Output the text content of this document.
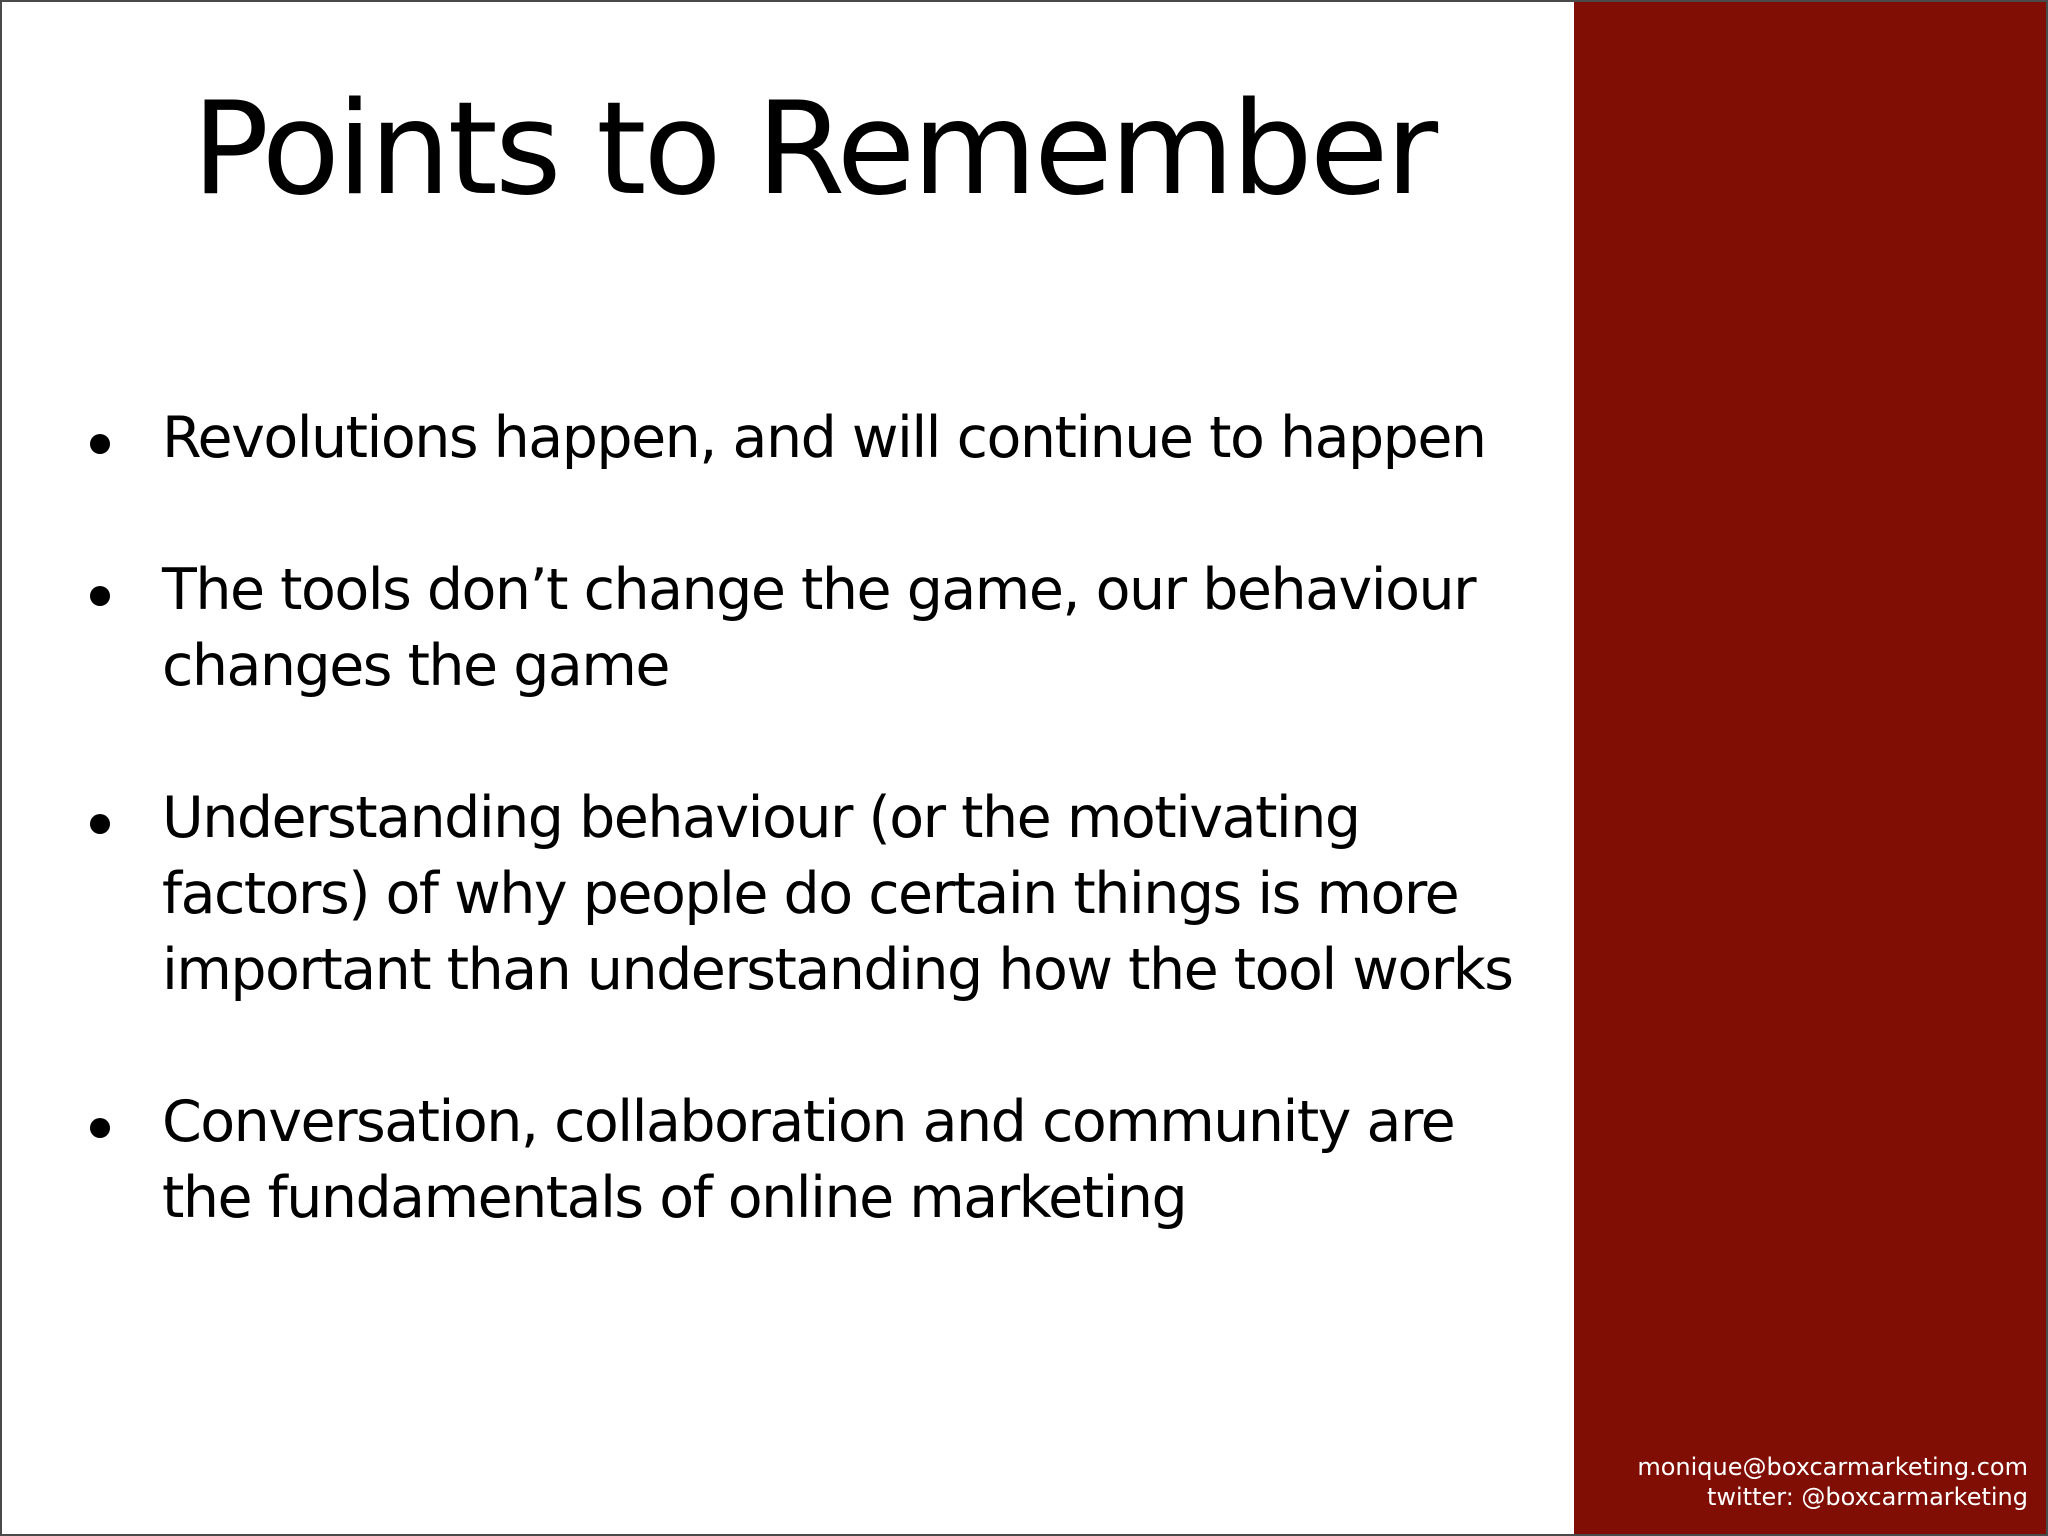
Points to Remember
Revolutions happen, and will continue to happen
The tools don’t change the game, our behaviour changes the game
Understanding behaviour (or the motivating factors) of why people do certain things is more important than understanding how the tool works
Conversation, collaboration and community are the fundamentals of online marketing
monique@boxcarmarketing.com
twitter: @boxcarmarketing
